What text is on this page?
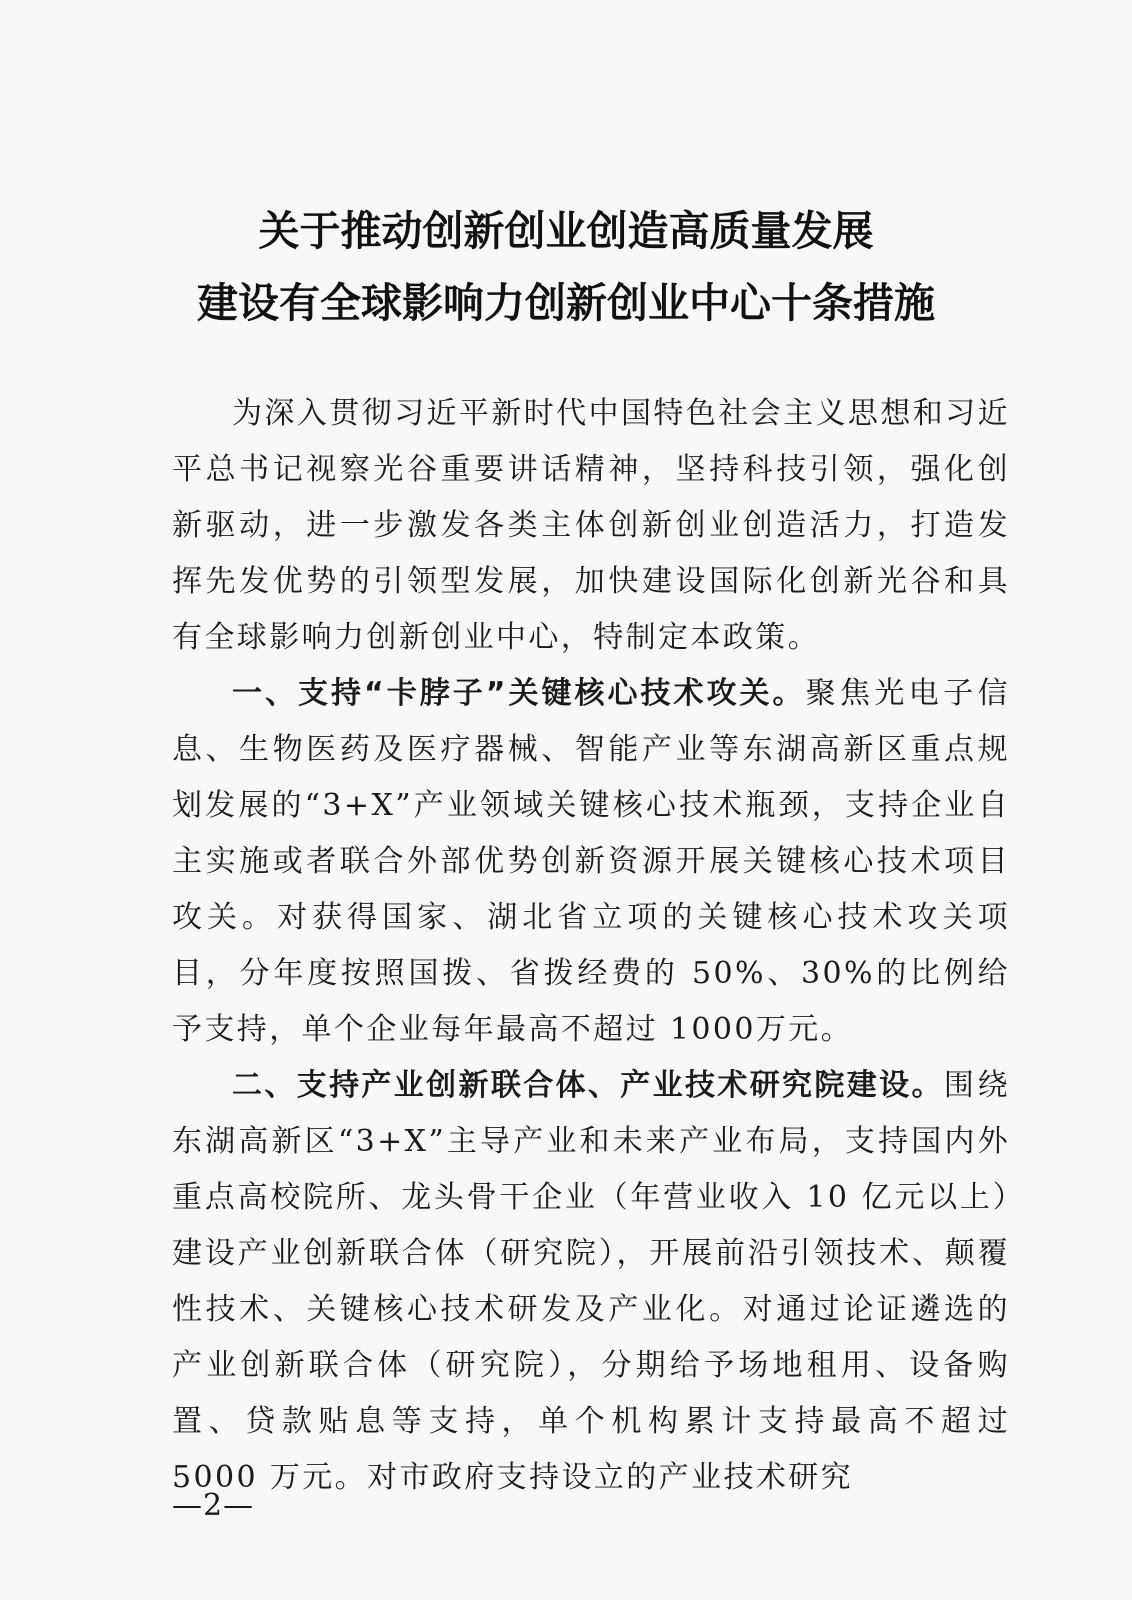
关于推动创新创业创造高质量发展
建设有全球影响力创新创业中心十条措施

为深入贯彻习近平新时代中国特色社会主义思想和习近平总书记视察光谷重要讲话精神，坚持科技引领，强化创新驱动，进一步激发各类主体创新创业创造活力，打造发挥先发优势的引领型发展，加快建设国际化创新光谷和具有全球影响力创新创业中心，特制定本政策。

一、支持“卡脖子”关键核心技术攻关。聚焦光电子信息、生物医药及医疗器械、智能产业等东湖高新区重点规划发展的“3+X”产业领域关键核心技术瓶颈，支持企业自主实施或者联合外部优势创新资源开展关键核心技术项目攻关。对获得国家、湖北省立项的关键核心技术攻关项目，分年度按照国拨、省拨经费的 50%、30%的比例给予支持，单个企业每年最高不超过 1000万元。

二、支持产业创新联合体、产业技术研究院建设。围绕东湖高新区“3+X”主导产业和未来产业布局，支持国内外重点高校院所、龙头骨干企业（年营业收入 10 亿元以上）建设产业创新联合体（研究院），开展前沿引领技术、颠覆性技术、关键核心技术研发及产业化。对通过论证遴选的产业创新联合体（研究院），分期给予场地租用、设备购置、贷款贴息等支持，单个机构累计支持最高不超过 5000 万元。对市政府支持设立的产业技术研究

—2—
